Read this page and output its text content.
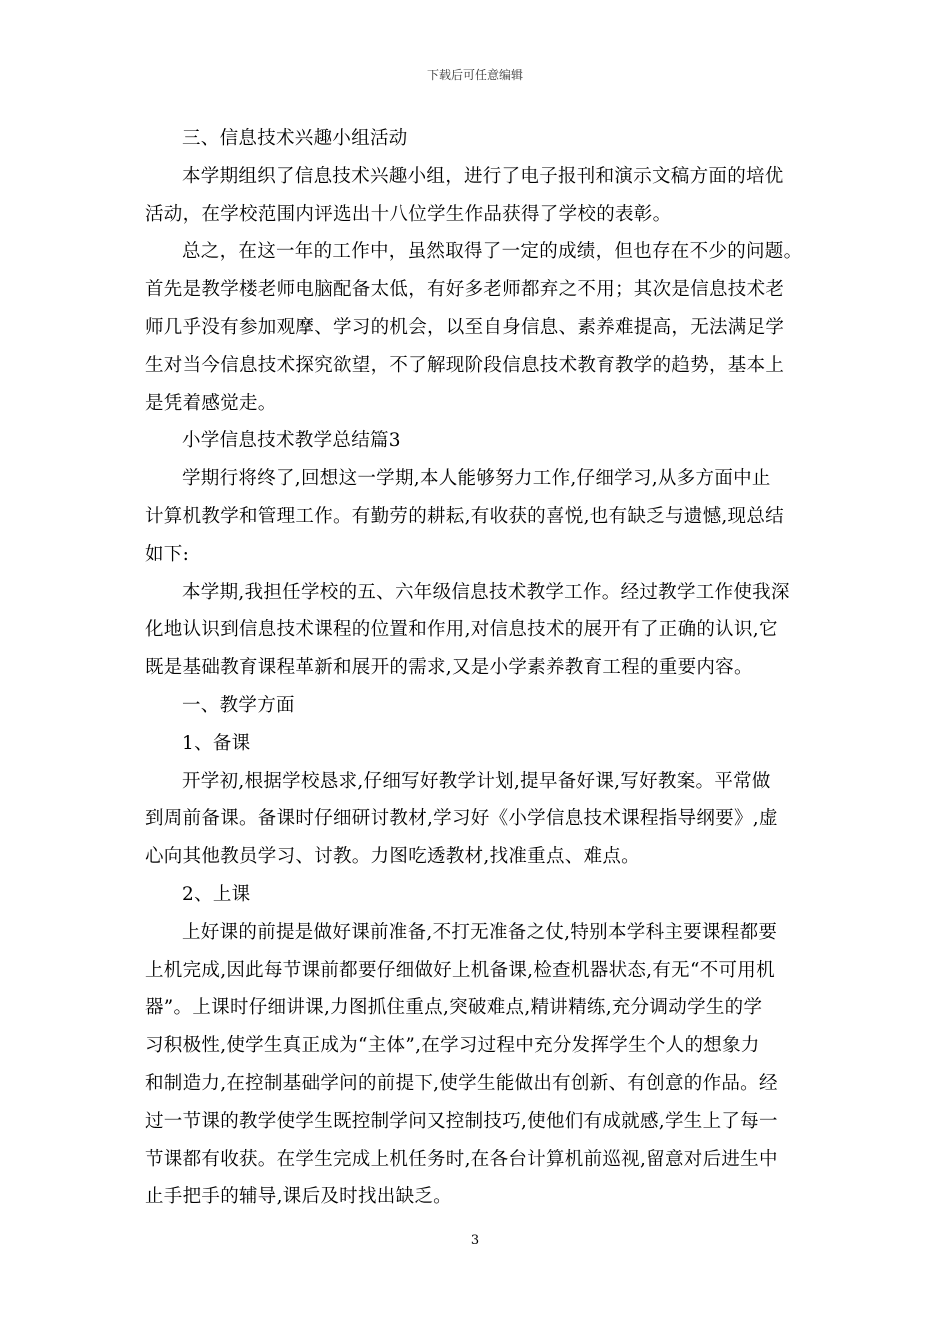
下载后可任意编辑

三、信息技术兴趣小组活动

本学期组织了信息技术兴趣小组，进行了电子报刊和演示文稿方面的培优
活动，在学校范围内评选出十八位学生作品获得了学校的表彰。

总之，在这一年的工作中，虽然取得了一定的成绩，但也存在不少的问题。
首先是教学楼老师电脑配备太低，有好多老师都弃之不用；其次是信息技术老
师几乎没有参加观摩、学习的机会，以至自身信息、素养难提高，无法满足学
生对当今信息技术探究欲望，不了解现阶段信息技术教育教学的趋势，基本上
是凭着感觉走。

小学信息技术教学总结篇3

学期行将终了,回想这一学期,本人能够努力工作,仔细学习,从多方面中止
计算机教学和管理工作。有勤劳的耕耘,有收获的喜悦,也有缺乏与遗憾,现总结
如下:

本学期,我担任学校的五、六年级信息技术教学工作。经过教学工作使我深
化地认识到信息技术课程的位置和作用,对信息技术的展开有了正确的认识,它
既是基础教育课程革新和展开的需求,又是小学素养教育工程的重要内容。

一、教学方面

1、备课

开学初,根据学校恳求,仔细写好教学计划,提早备好课,写好教案。平常做
到周前备课。备课时仔细研讨教材,学习好《小学信息技术课程指导纲要》,虚
心向其他教员学习、讨教。力图吃透教材,找准重点、难点。

2、上课

上好课的前提是做好课前准备,不打无准备之仗,特别本学科主要课程都要
上机完成,因此每节课前都要仔细做好上机备课,检查机器状态,有无“不可用机
器”。上课时仔细讲课,力图抓住重点,突破难点,精讲精练,充分调动学生的学
习积极性,使学生真正成为“主体”,在学习过程中充分发挥学生个人的想象力
和制造力,在控制基础学问的前提下,使学生能做出有创新、有创意的作品。经
过一节课的教学使学生既控制学问又控制技巧,使他们有成就感,学生上了每一
节课都有收获。在学生完成上机任务时,在各台计算机前巡视,留意对后进生中
止手把手的辅导,课后及时找出缺乏。

3
